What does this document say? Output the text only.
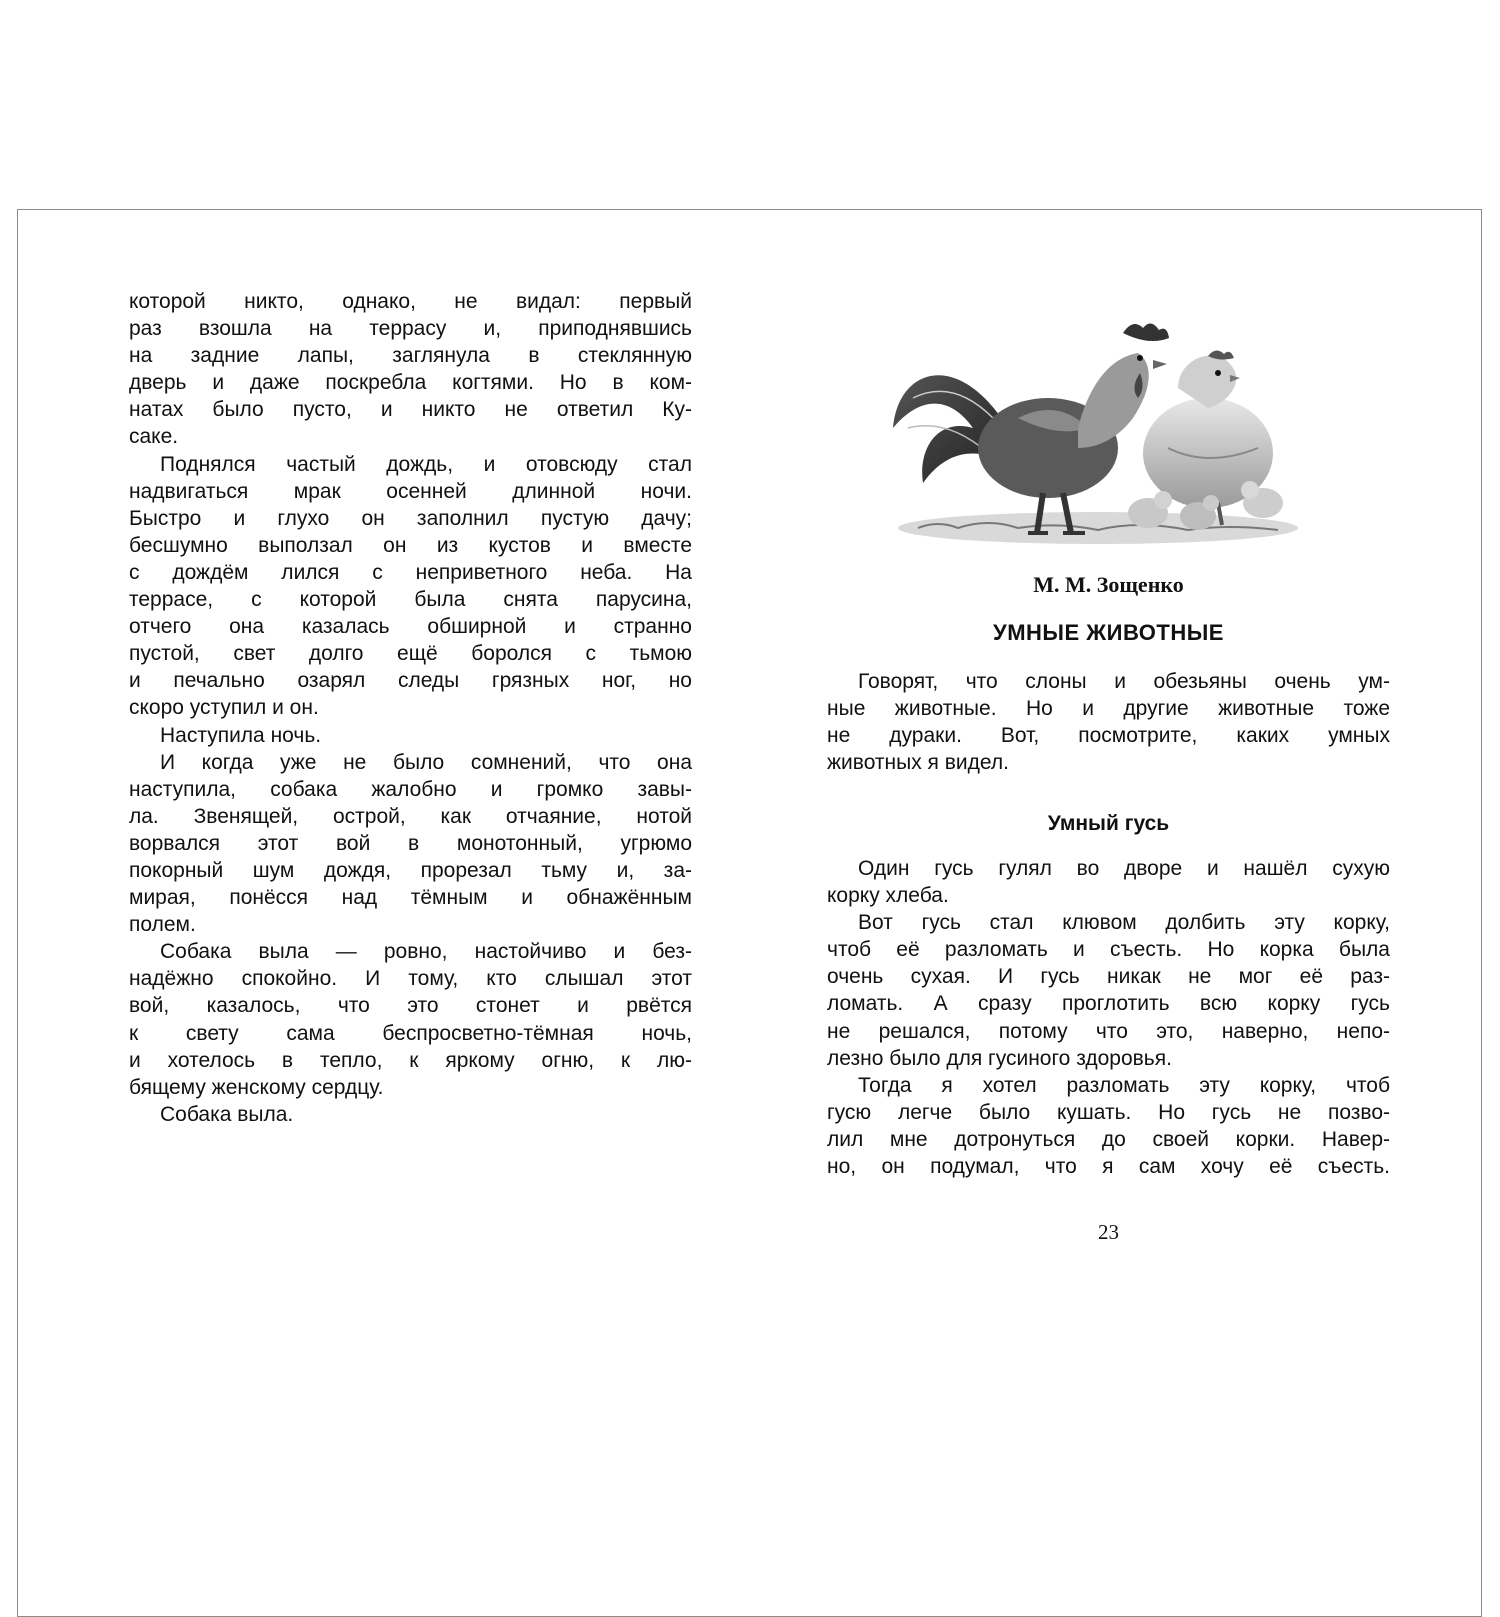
которой никто, однако, не видал: первый
раз взошла на террасу и, приподнявшись
на задние лапы, заглянула в стеклянную
дверь и даже поскребла когтями. Но в ком-
натах было пусто, и никто не ответил Ку-
саке.
Поднялся частый дождь, и отовсюду стал
надвигаться мрак осенней длинной ночи.
Быстро и глухо он заполнил пустую дачу;
бесшумно выползал он из кустов и вместе
с дождём лился с неприветного неба. На
террасе, с которой была снята парусина,
отчего она казалась обширной и странно
пустой, свет долго ещё боролся с тьмою
и печально озарял следы грязных ног, но
скоро уступил и он.
Наступила ночь.
И когда уже не было сомнений, что она
наступила, собака жалобно и громко завы-
ла. Звенящей, острой, как отчаяние, нотой
ворвался этот вой в монотонный, угрюмо
покорный шум дождя, прорезал тьму и, за-
мирая, понёсся над тёмным и обнажённым
полем.
Собака выла — ровно, настойчиво и без-
надёжно спокойно. И тому, кто слышал этот
вой, казалось, что это стонет и рвётся
к свету сама беспросветно-тёмная ночь,
и хотелось в тепло, к яркому огню, к лю-
бящему женскому сердцу.
Собака выла.
М. М. Зощенко
УМНЫЕ ЖИВОТНЫЕ
Говорят, что слоны и обезьяны очень ум-
ные животные. Но и другие животные тоже
не дураки. Вот, посмотрите, каких умных
животных я видел.
Умный гусь
Один гусь гулял во дворе и нашёл сухую
корку хлеба.
Вот гусь стал клювом долбить эту корку,
чтоб её разломать и съесть. Но корка была
очень сухая. И гусь никак не мог её раз-
ломать. А сразу проглотить всю корку гусь
не решался, потому что это, наверно, непо-
лезно было для гусиного здоровья.
Тогда я хотел разломать эту корку, чтоб
гусю легче было кушать. Но гусь не позво-
лил мне дотронуться до своей корки. Навер-
но, он подумал, что я сам хочу её съесть.
23
